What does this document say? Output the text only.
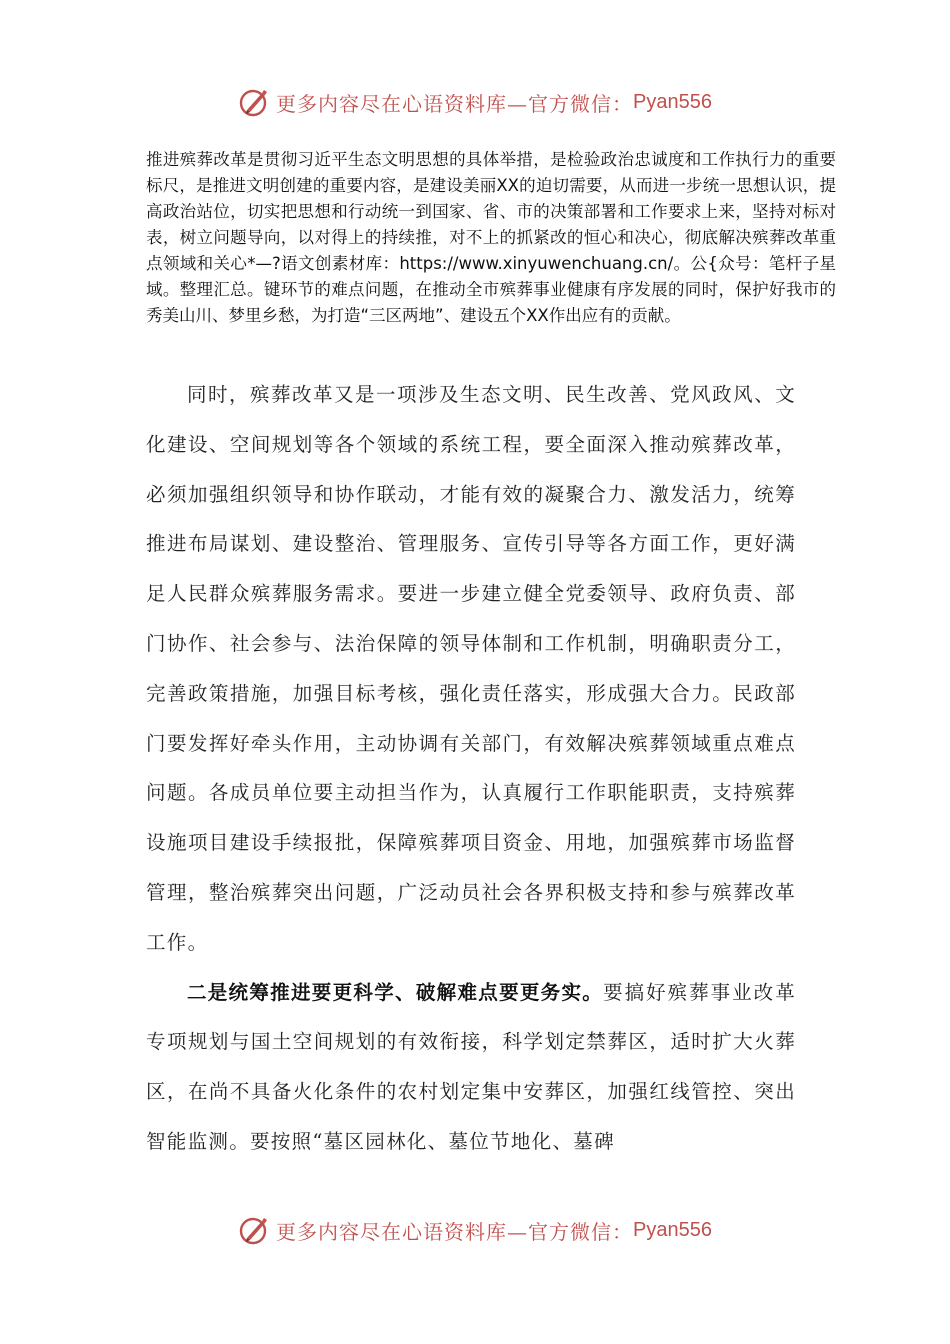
更多内容尽在心语资料库—官方微信： Pyan556

推进殡葬改革是贯彻习近平生态文明思想的具体举措，是检验政治忠诚度和工作执行力的重要标尺，是推进文明创建的重要内容，是建设美丽XX的迫切需要，从而进一步统一思想认识，提高政治站位，切实把思想和行动统一到国家、省、市的决策部署和工作要求上来，坚持对标对表，树立问题导向，以对得上的持续推，对不上的抓紧改的恒心和决心，彻底解决殡葬改革重点领域和关心*—?语文创素材库：https://www.xinyuwenchuang.cn/。公{众号：笔杆子星域。整理汇总。键环节的难点问题，在推动全市殡葬事业健康有序发展的同时，保护好我市的秀美山川、梦里乡愁，为打造“三区两地”、建设五个XX作出应有的贡献。

同时，殡葬改革又是一项涉及生态文明、民生改善、党风政风、文化建设、空间规划等各个领域的系统工程，要全面深入推动殡葬改革，必须加强组织领导和协作联动，才能有效的凝聚合力、激发活力，统筹推进布局谋划、建设整治、管理服务、宣传引导等各方面工作，更好满足人民群众殡葬服务需求。要进一步建立健全党委领导、政府负责、部门协作、社会参与、法治保障的领导体制和工作机制，明确职责分工，完善政策措施，加强目标考核，强化责任落实，形成强大合力。民政部门要发挥好牵头作用，主动协调有关部门，有效解决殡葬领域重点难点问题。各成员单位要主动担当作为，认真履行工作职能职责，支持殡葬设施项目建设手续报批，保障殡葬项目资金、用地，加强殡葬市场监督管理，整治殡葬突出问题，广泛动员社会各界积极支持和参与殡葬改革工作。

二是统筹推进要更科学、破解难点要更务实。要搞好殡葬事业改革专项规划与国土空间规划的有效衔接，科学划定禁葬区，适时扩大火葬区，在尚不具备火化条件的农村划定集中安葬区，加强红线管控、突出智能监测。要按照“墓区园林化、墓位节地化、墓碑

更多内容尽在心语资料库—官方微信： Pyan556
